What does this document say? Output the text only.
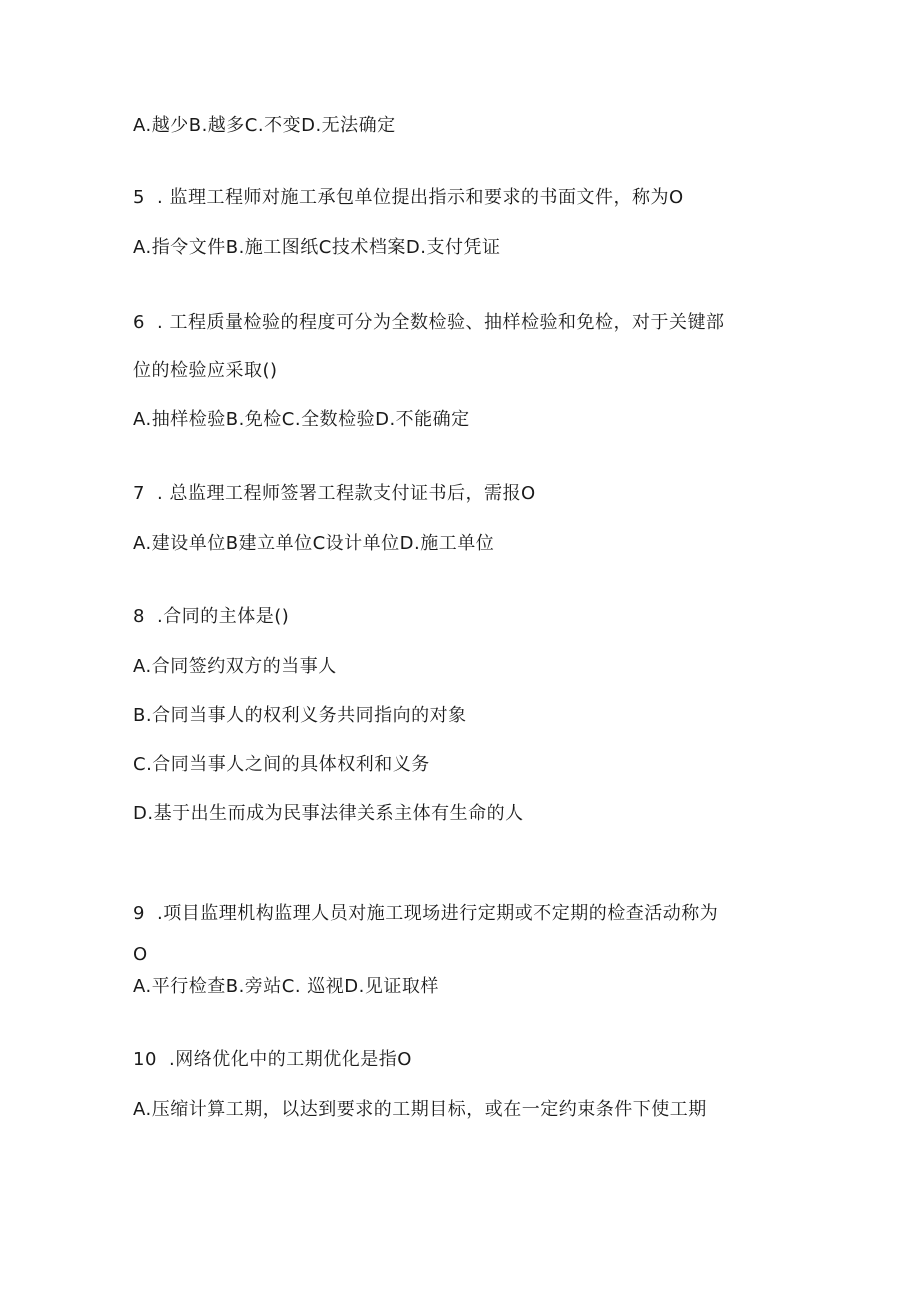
A.越少B.越多C.不变D.无法确定
5 . 监理工程师对施工承包单位提出指示和要求的书面文件，称为O
A.指令文件B.施工图纸C技术档案D.支付凭证
6 . 工程质量检验的程度可分为全数检验、抽样检验和免检，对于关键部
位的检验应采取()
A.抽样检验B.免检C.全数检验D.不能确定
7 . 总监理工程师签署工程款支付证书后，需报O
A.建设单位B建立单位C设计单位D.施工单位
8 .合同的主体是()
A.合同签约双方的当事人
B.合同当事人的权利义务共同指向的对象
C.合同当事人之间的具体权利和义务
D.基于出生而成为民事法律关系主体有生命的人
9 .项目监理机构监理人员对施工现场进行定期或不定期的检查活动称为
O
A.平行检查B.旁站C. 巡视D.见证取样
10 .网络优化中的工期优化是指O
A.压缩计算工期，以达到要求的工期目标，或在一定约束条件下使工期
